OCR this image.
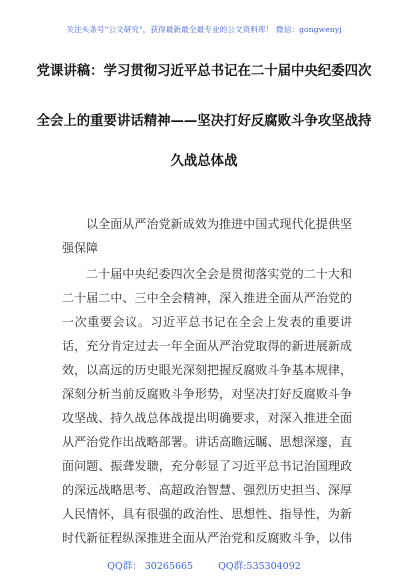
关注头条号"公文研究"，获得最新最全最专业的公文资料库！ 微信：gongwenyj
党课讲稿：学习贯彻习近平总书记在二十届中央纪委四次
全会上的重要讲话精神——坚决打好反腐败斗争攻坚战持
久战总体战

以全面从严治党新成效为推进中国式现代化提供坚强保障

二十届中央纪委四次全会是贯彻落实党的二十大和二十届二中、三中全会精神，深入推进全面从严治党的一次重要会议。习近平总书记在全会上发表的重要讲话，充分肯定过去一年全面从严治党取得的新进展新成效，以高远的历史眼光深刻把握反腐败斗争基本规律，深刻分析当前反腐败斗争形势，对坚决打好反腐败斗争攻坚战、持久战总体战提出明确要求，对深入推进全面从严治党作出战略部署。讲话高瞻远瞩、思想深邃，直面问题、振聋发聩，充分彰显了习近平总书记治国理政的深远战略思考、高超政治智慧、强烈历史担当、深厚人民情怀，具有很强的政治性、思想性、指导性，为新时代新征程纵深推进全面从严治党和反腐败斗争，以伟

QQ群： 30265665	QQ群:535304092
